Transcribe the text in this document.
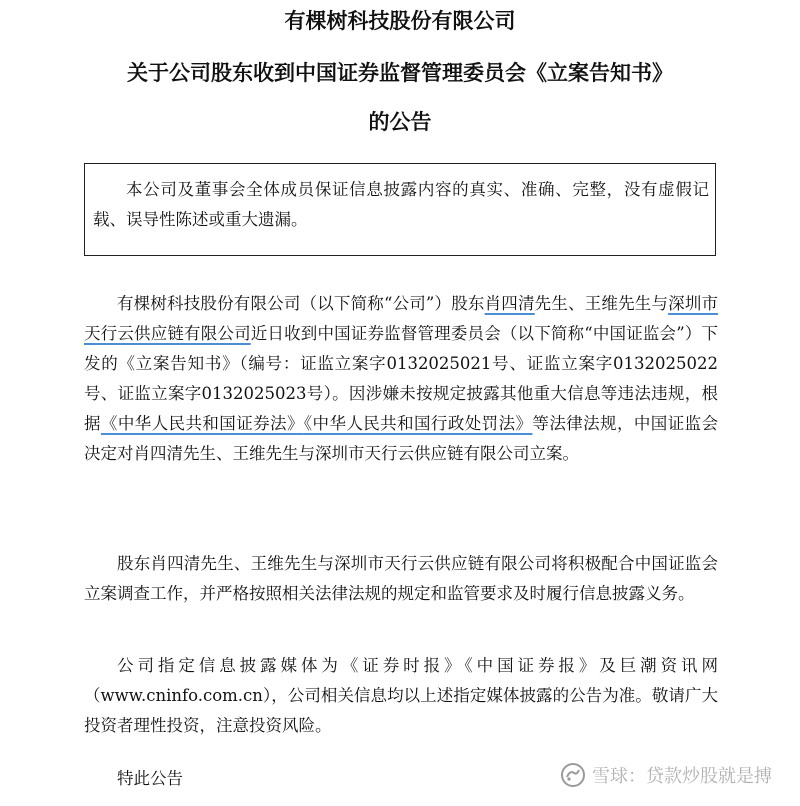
有棵树科技股份有限公司
关于公司股东收到中国证券监督管理委员会《立案告知书》
的公告
本公司及董事会全体成员保证信息披露内容的真实、准确、完整，没有虚假记载、误导性陈述或重大遗漏。

有棵树科技股份有限公司（以下简称“公司”）股东肖四清先生、王维先生与深圳市天行云供应链有限公司近日收到中国证券监督管理委员会（以下简称“中国证监会”）下发的《立案告知书》（编号：证监立案字0132025021号、证监立案字0132025022号、证监立案字0132025023号）。因涉嫌未按规定披露其他重大信息等违法违规，根据《中华人民共和国证券法》《中华人民共和国行政处罚法》等法律法规，中国证监会决定对肖四清先生、王维先生与深圳市天行云供应链有限公司立案。

股东肖四清先生、王维先生与深圳市天行云供应链有限公司将积极配合中国证监会立案调查工作，并严格按照相关法律法规的规定和监管要求及时履行信息披露义务。

公司指定信息披露媒体为《证券时报》《中国证券报》及巨潮资讯网（www.cninfo.com.cn），公司相关信息均以上述指定媒体披露的公告为准。敬请广大投资者理性投资，注意投资风险。

特此公告	雪球：贷款炒股就是搏
